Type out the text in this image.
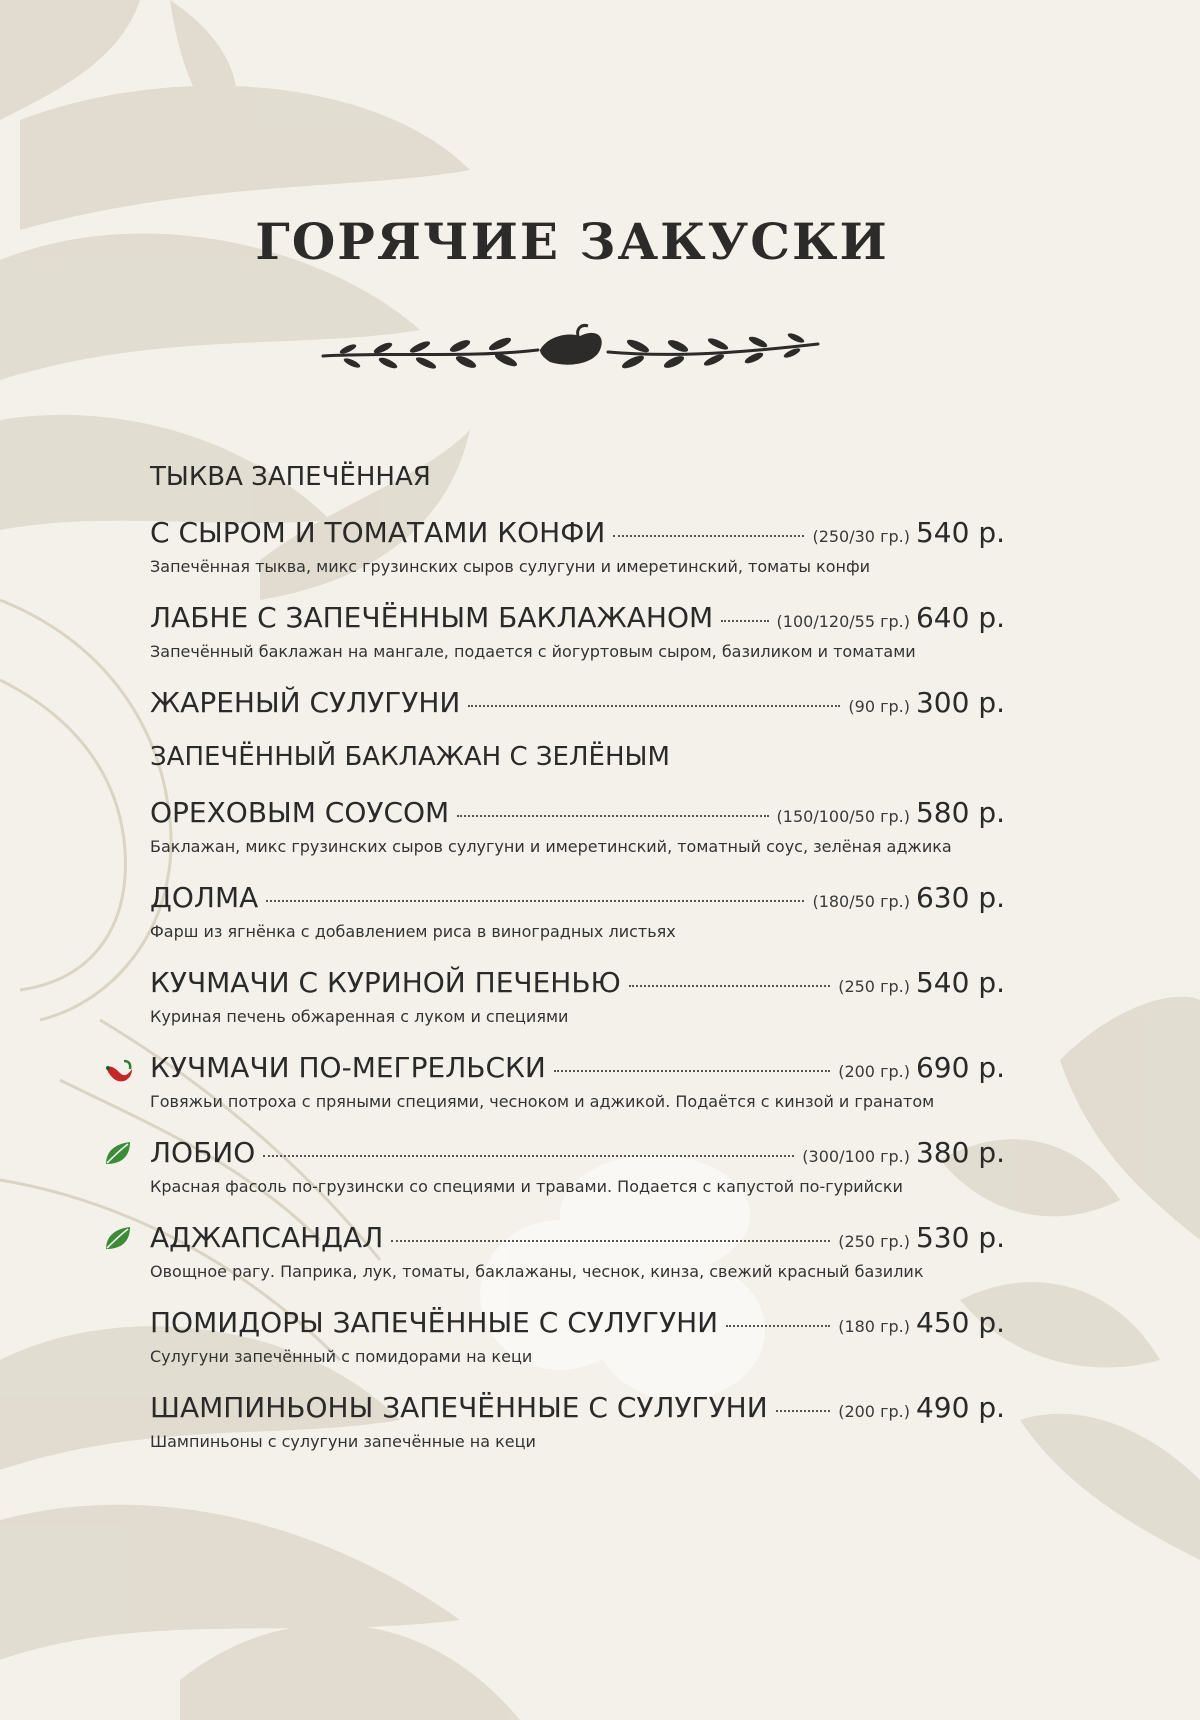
ГОРЯЧИЕ ЗАКУСКИ
ТЫКВА ЗАПЕЧЁННАЯ
С СЫРОМ И ТОМАТАМИ КОНФИ	(250/30 гр.) 540 р.
Запечённая тыква, микс грузинских сыров сулугуни и имеретинский, томаты конфи
ЛАБНЕ С ЗАПЕЧЁННЫМ БАКЛАЖАНОМ	(100/120/55 гр.) 640 р.
Запечённый баклажан на мангале, подается с йогуртовым сыром, базиликом и томатами
ЖАРЕНЫЙ СУЛУГУНИ	(90 гр.) 300 р.
ЗАПЕЧЁННЫЙ БАКЛАЖАН С ЗЕЛЁНЫМ
ОРЕХОВЫМ СОУСОМ	(150/100/50 гр.) 580 р.
Баклажан, микс грузинских сыров сулугуни и имеретинский, томатный соус, зелёная аджика
ДОЛМА	(180/50 гр.) 630 р.
Фарш из ягнёнка с добавлением риса в виноградных листьях
КУЧМАЧИ С КУРИНОЙ ПЕЧЕНЬЮ	(250 гр.) 540 р.
Куриная печень обжаренная с луком и специями
КУЧМАЧИ ПО-МЕГРЕЛЬСКИ	(200 гр.) 690 р.
Говяжьи потроха с пряными специями, чесноком и аджикой. Подаётся с кинзой и гранатом
ЛОБИО	(300/100 гр.) 380 р.
Красная фасоль по-грузински со специями и травами. Подается с капустой по-гурийски
АДЖАПСАНДАЛ	(250 гр.) 530 р.
Овощное рагу. Паприка, лук, томаты, баклажаны, чеснок, кинза, свежий красный базилик
ПОМИДОРЫ ЗАПЕЧЁННЫЕ С СУЛУГУНИ	(180 гр.) 450 р.
Сулугуни запечённый с помидорами на кеци
ШАМПИНЬОНЫ ЗАПЕЧЁННЫЕ С СУЛУГУНИ	(200 гр.) 490 р.
Шампиньоны с сулугуни запечённые на кеци
